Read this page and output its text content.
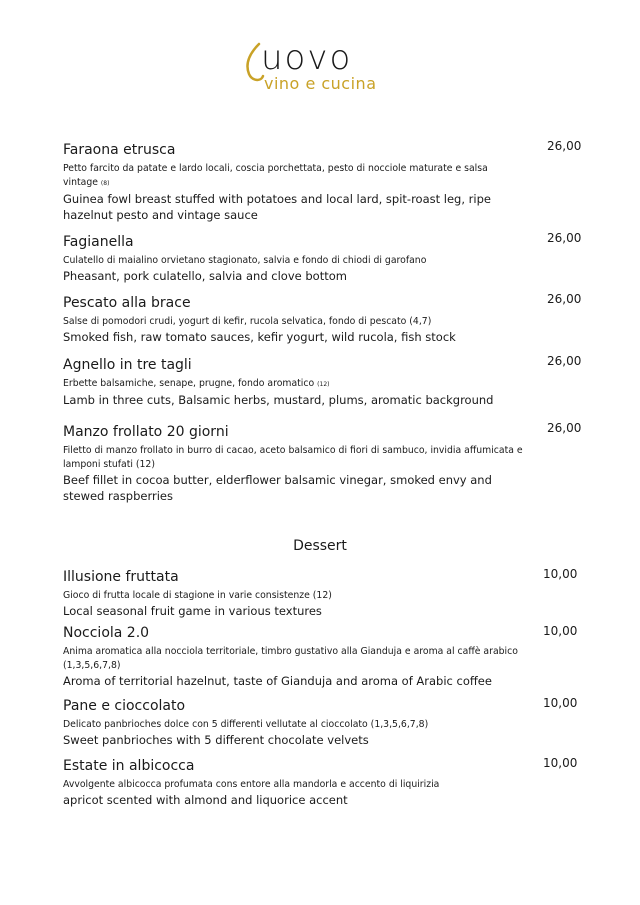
uovo
vino e cucina

Faraona etrusca

Petto farcito da patate e lardo locali, coscia porchettata, pesto di nocciole maturate e salsa vintage (8)

Guinea fowl breast stuffed with potatoes and local lard, spit-roast leg, ripe hazelnut pesto and vintage sauce

26,00

Fagianella

Culatello di maialino orvietano stagionato, salvia e fondo di chiodi di garofano

Pheasant, pork culatello, salvia and clove bottom

26,00

Pescato alla brace

Salse di pomodori crudi, yogurt di kefir, rucola selvatica, fondo di pescato (4,7)

Smoked fish, raw tomato sauces, kefir yogurt, wild rucola, fish stock

26,00

Agnello in tre tagli

Erbette balsamiche, senape, prugne, fondo aromatico (12)

Lamb in three cuts, Balsamic herbs, mustard, plums, aromatic background

26,00

Manzo frollato 20 giorni

Filetto di manzo frollato in burro di cacao, aceto balsamico di fiori di sambuco, invidia affumicata e lamponi stufati (12)

Beef fillet in cocoa butter, elderflower balsamic vinegar, smoked envy and stewed raspberries

26,00
Dessert

Illusione fruttata

Gioco di frutta locale di stagione in varie consistenze (12)

Local seasonal fruit game in various textures

10,00

Nocciola 2.0

Anima aromatica alla nocciola territoriale, timbro gustativo alla Gianduja e aroma al caffè arabico (1,3,5,6,7,8)

Aroma of territorial hazelnut, taste of Gianduja and aroma of Arabic coffee

10,00

Pane e cioccolato

Delicato panbrioches dolce con 5 differenti vellutate al cioccolato (1,3,5,6,7,8)

Sweet panbrioches with 5 different chocolate velvets

10,00

Estate in albicocca

Avvolgente albicocca profumata cons entore alla mandorla e accento di liquirizia

apricot scented with almond and liquorice accent

10,00
